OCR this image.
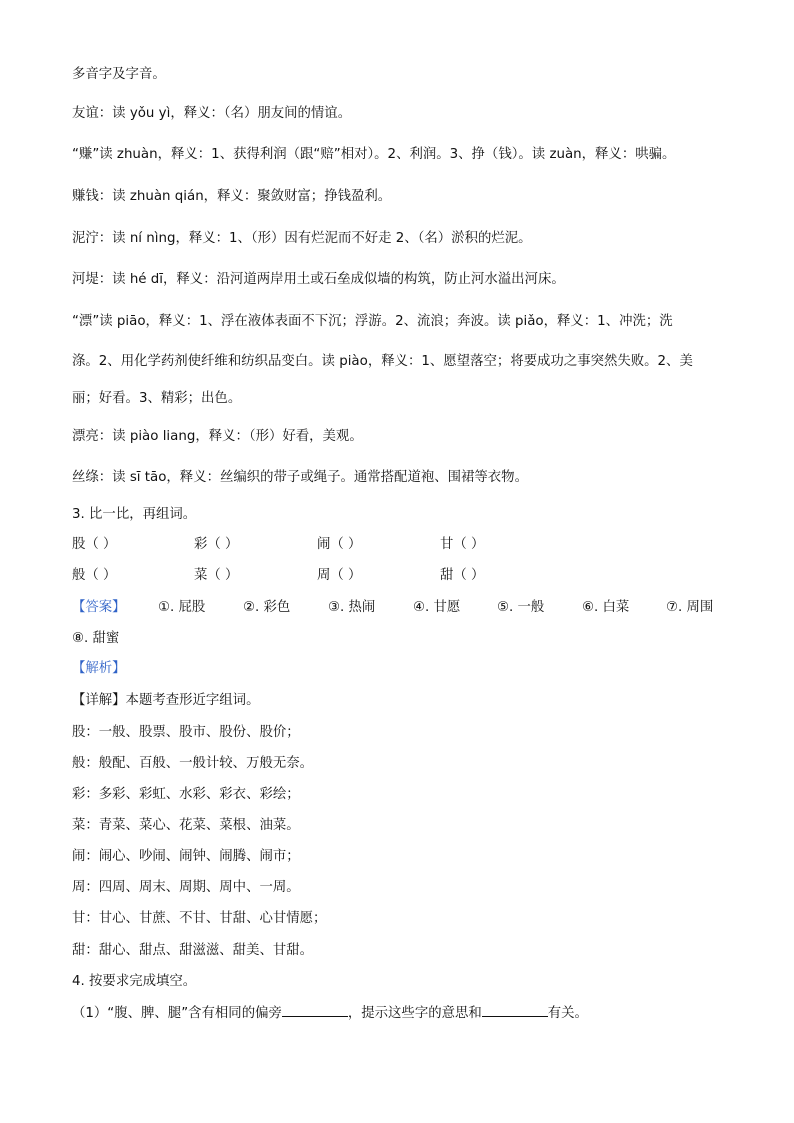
多音字及字音。
友谊：读 yǒu yì，释义：（名）朋友间的情谊。
“赚”读 zhuàn，释义：1、获得利润（跟“赔”相对）。2、利润。3、挣（钱）。读 zuàn，释义：哄骗。
赚钱：读 zhuàn qián，释义：聚敛财富；挣钱盈利。
泥泞：读 ní nìng，释义：1、（形）因有烂泥而不好走 2、（名）淤积的烂泥。
河堤：读 hé dī，释义：沿河道两岸用土或石垒成似墙的构筑，防止河水溢出河床。
“漂”读 piāo，释义：1、浮在液体表面不下沉；浮游。2、流浪；奔波。读 piǎo，释义：1、冲洗；洗
涤。2、用化学药剂使纤维和纺织品变白。读 piào，释义：1、愿望落空；将要成功之事突然失败。2、美
丽；好看。3、精彩；出色。
漂亮：读 piào liang，释义：（形）好看，美观。
丝绦：读 sī tāo，释义：丝编织的带子或绳子。通常搭配道袍、围裙等衣物。
3. 比一比，再组词。
股（ ）	彩（ ）	闹（ ）	甘（ ）
般（ ）	菜（ ）	周（ ）	甜（ ）
【答案】 ①. 屁股	②. 彩色	③. 热闹	④. 甘愿	⑤. 一般	⑥. 白菜	⑦. 周围
⑧. 甜蜜
【解析】
【详解】本题考查形近字组词。
股：一般、股票、股市、股份、股价；
般：般配、百般、一般计较、万般无奈。
彩：多彩、彩虹、水彩、彩衣、彩绘；
菜：青菜、菜心、花菜、菜根、油菜。
闹：闹心、吵闹、闹钟、闹腾、闹市；
周：四周、周末、周期、周中、一周。
甘：甘心、甘蔗、不甘、甘甜、心甘情愿；
甜：甜心、甜点、甜滋滋、甜美、甘甜。
4. 按要求完成填空。
（1）“腹、脾、腿”含有相同的偏旁	，提示这些字的意思和	有关。
